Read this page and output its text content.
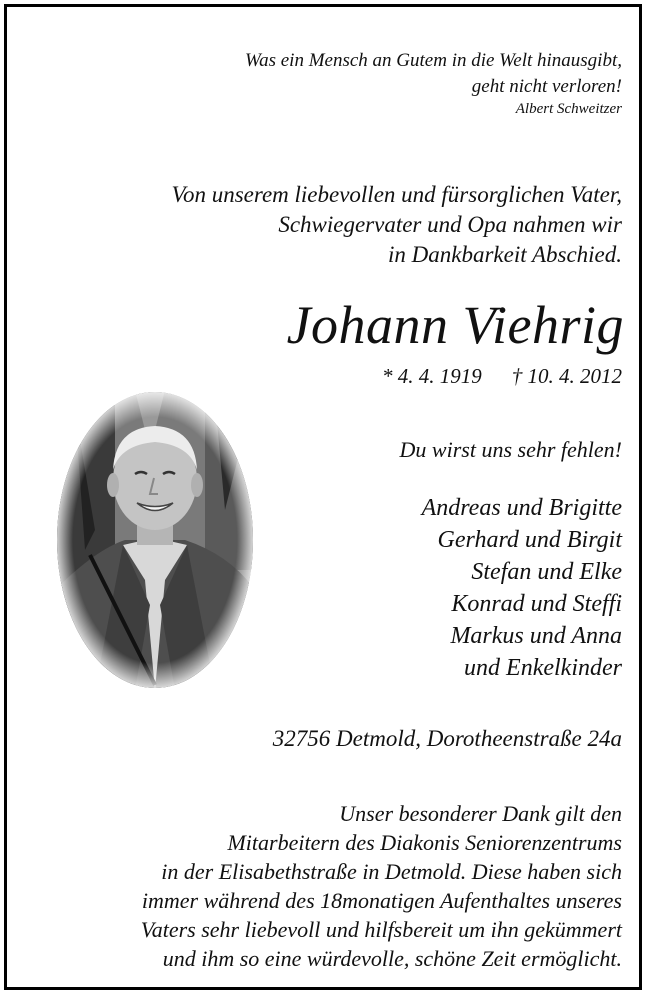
Was ein Mensch an Gutem in die Welt hinausgibt,
geht nicht verloren!
Albert Schweitzer
Von unserem liebevollen und fürsorglichen Vater,
Schwiegervater und Opa nahmen wir
in Dankbarkeit Abschied.
Johann Viehrig
* 4. 4. 1919 † 10. 4. 2012
Du wirst uns sehr fehlen!
Andreas und Brigitte
Gerhard und Birgit
Stefan und Elke
Konrad und Steffi
Markus und Anna
und Enkelkinder
32756 Detmold, Dorotheenstraße 24a
Unser besonderer Dank gilt den
Mitarbeitern des Diakonis Seniorenzentrums
in der Elisabethstraße in Detmold. Diese haben sich
immer während des 18monatigen Aufenthaltes unseres
Vaters sehr liebevoll und hilfsbereit um ihn gekümmert
und ihm so eine würdevolle, schöne Zeit ermöglicht.
